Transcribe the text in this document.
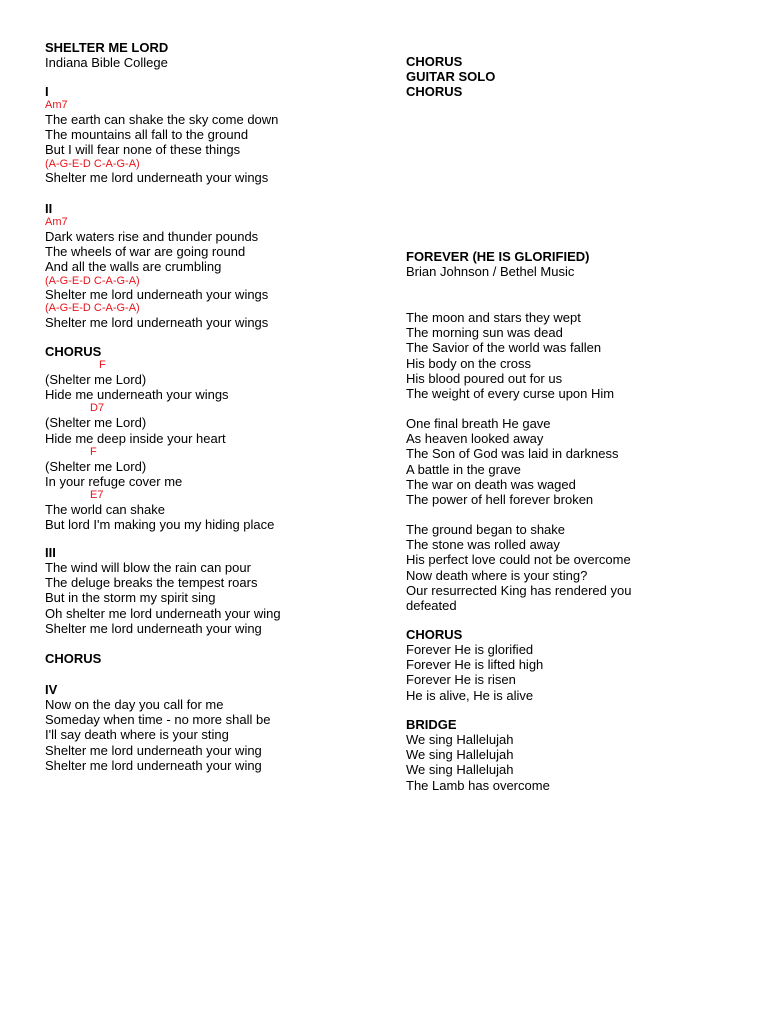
SHELTER ME LORD
Indiana Bible College
I
Am7
The earth can shake the sky come down
The mountains all fall to the ground
But I will fear none of these things
(A-G-E-D C-A-G-A)
Shelter me lord underneath your wings
II
Am7
Dark waters rise and thunder pounds
The wheels of war are going round
And all the walls are crumbling
(A-G-E-D C-A-G-A)
Shelter me lord underneath your wings
(A-G-E-D C-A-G-A)
Shelter me lord underneath your wings
CHORUS
F
(Shelter me Lord)
Hide me underneath your wings
D7
(Shelter me Lord)
Hide me deep inside your heart
F
(Shelter me Lord)
In your refuge cover me
E7
The world can shake
But lord I'm making you my hiding place
III
The wind will blow the rain can pour
The deluge breaks the tempest roars
But in the storm my spirit sing
Oh shelter me lord underneath your wing
Shelter me lord underneath your wing
CHORUS
IV
Now on the day you call for me
Someday when time - no more shall be
I'll say death where is your sting
Shelter me lord underneath your wing
Shelter me lord underneath your wing
CHORUS
GUITAR SOLO
CHORUS
FOREVER (HE IS GLORIFIED)
Brian Johnson / Bethel Music
The moon and stars they wept
The morning sun was dead
The Savior of the world was fallen
His body on the cross
His blood poured out for us
The weight of every curse upon Him
One final breath He gave
As heaven looked away
The Son of God was laid in darkness
A battle in the grave
The war on death was waged
The power of hell forever broken
The ground began to shake
The stone was rolled away
His perfect love could not be overcome
Now death where is your sting?
Our resurrected King has rendered you
defeated
CHORUS
Forever He is glorified
Forever He is lifted high
Forever He is risen
He is alive, He is alive
BRIDGE
We sing Hallelujah
We sing Hallelujah
We sing Hallelujah
The Lamb has overcome
